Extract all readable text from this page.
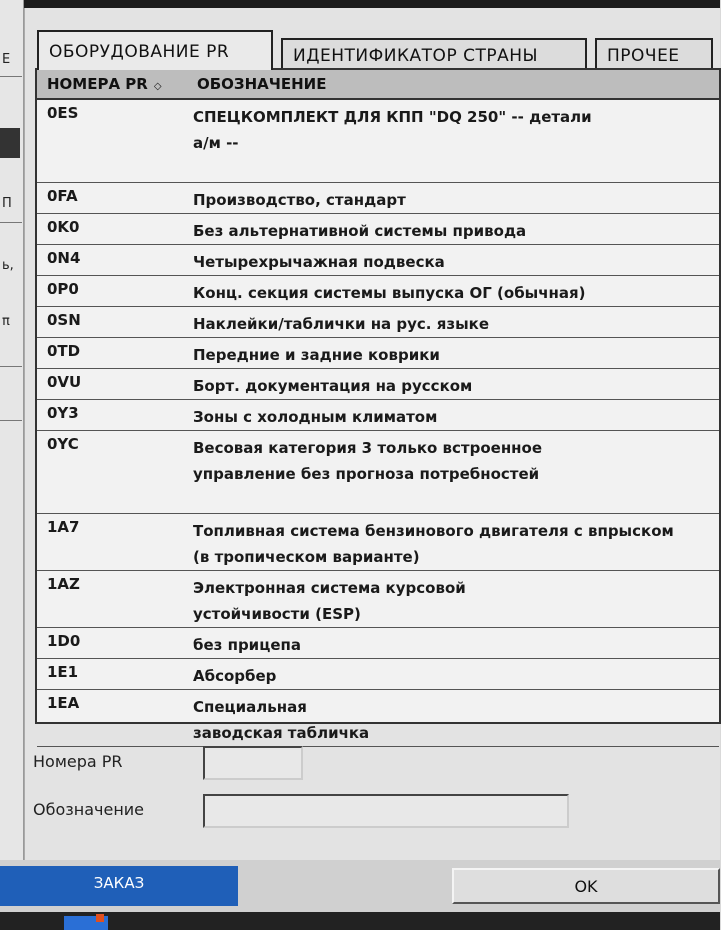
E
Π
ь,
π
ОБОРУДОВАНИЕ PR	ИДЕНТИФИКАТОР СТРАНЫ	ПРОЧЕЕ
НОМЕРА PR ◇	ОБОЗНАЧЕНИЕ
0ES	СПЕЦКОМПЛЕКТ ДЛЯ КПП "DQ 250" -- детали
а/м --

0FA	Производство, стандарт
0K0	Без альтернативной системы привода
0N4	Четырехрычажная подвеска
0P0	Конц. секция системы выпуска ОГ (обычная)
0SN	Наклейки/таблички на рус. языке
0TD	Передние и задние коврики
0VU	Борт. документация на русском
0Y3	Зоны с холодным климатом
0YC	Весовая категория 3 только встроенное
управление без прогноза потребностей

1A7	Топливная система бензинового двигателя с впрыском
(в тропическом варианте)
1AZ	Электронная система курсовой
устойчивости (ESP)
1D0	без прицепа
1E1	Абсорбер
1EA	Специальная
заводская табличка
Номера PR
Обозначение
ЗАКАЗ	OK
